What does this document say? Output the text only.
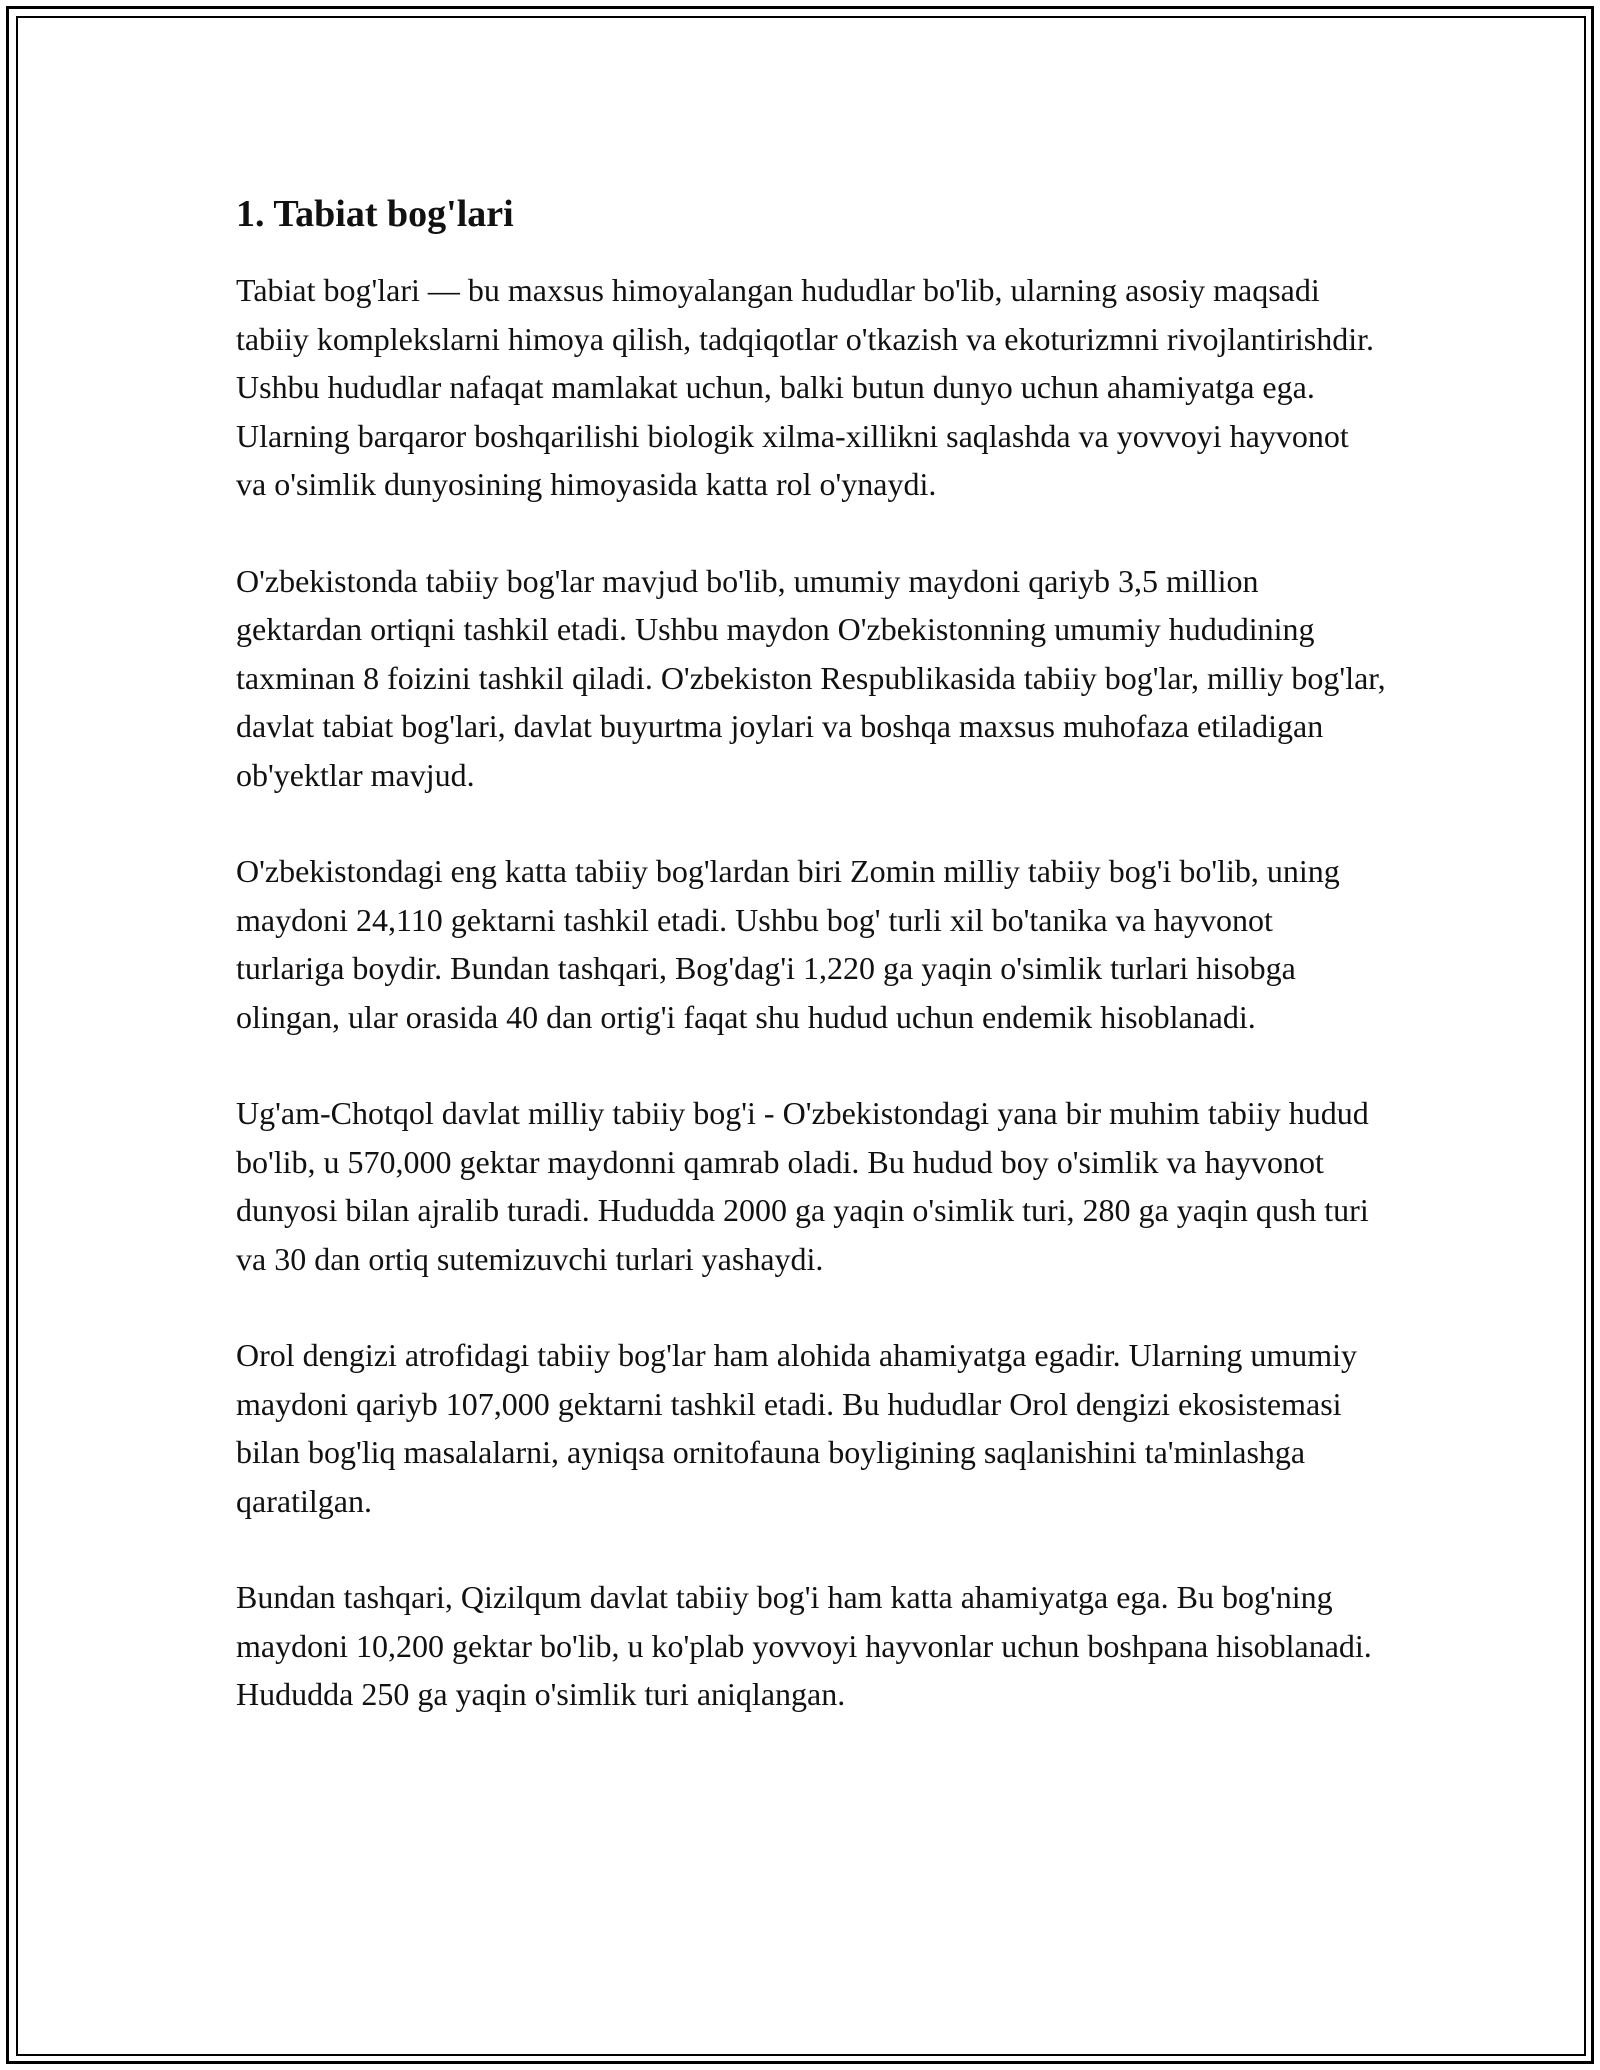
1. Tabiat bog'lari

Tabiat bog'lari — bu maxsus himoyalangan hududlar bo'lib, ularning asosiy maqsadi tabiiy komplekslarni himoya qilish, tadqiqotlar o'tkazish va ekoturizmni rivojlantirishdir. Ushbu hududlar nafaqat mamlakat uchun, balki butun dunyo uchun ahamiyatga ega. Ularning barqaror boshqarilishi biologik xilma-xillikni saqlashda va yovvoyi hayvonot va o'simlik dunyosining himoyasida katta rol o'ynaydi.

O'zbekistonda tabiiy bog'lar mavjud bo'lib, umumiy maydoni qariyb 3,5 million gektardan ortiqni tashkil etadi. Ushbu maydon O'zbekistonning umumiy hududining taxminan 8 foizini tashkil qiladi. O'zbekiston Respublikasida tabiiy bog'lar, milliy bog'lar, davlat tabiat bog'lari, davlat buyurtma joylari va boshqa maxsus muhofaza etiladigan ob'yektlar mavjud.

O'zbekistondagi eng katta tabiiy bog'lardan biri Zomin milliy tabiiy bog'i bo'lib, uning maydoni 24,110 gektarni tashkil etadi. Ushbu bog' turli xil bo'tanika va hayvonot turlariga boydir. Bundan tashqari, Bog'dag'i 1,220 ga yaqin o'simlik turlari hisobga olingan, ular orasida 40 dan ortig'i faqat shu hudud uchun endemik hisoblanadi.

Ug'am-Chotqol davlat milliy tabiiy bog'i - O'zbekistondagi yana bir muhim tabiiy hudud bo'lib, u 570,000 gektar maydonni qamrab oladi. Bu hudud boy o'simlik va hayvonot dunyosi bilan ajralib turadi. Hududda 2000 ga yaqin o'simlik turi, 280 ga yaqin qush turi va 30 dan ortiq sutemizuvchi turlari yashaydi.

Orol dengizi atrofidagi tabiiy bog'lar ham alohida ahamiyatga egadir. Ularning umumiy maydoni qariyb 107,000 gektarni tashkil etadi. Bu hududlar Orol dengizi ekosistemasi bilan bog'liq masalalarni, ayniqsa ornitofauna boyligining saqlanishini ta'minlashga qaratilgan.

Bundan tashqari, Qizilqum davlat tabiiy bog'i ham katta ahamiyatga ega. Bu bog'ning maydoni 10,200 gektar bo'lib, u ko'plab yovvoyi hayvonlar uchun boshpana hisoblanadi. Hududda 250 ga yaqin o'simlik turi aniqlangan.
